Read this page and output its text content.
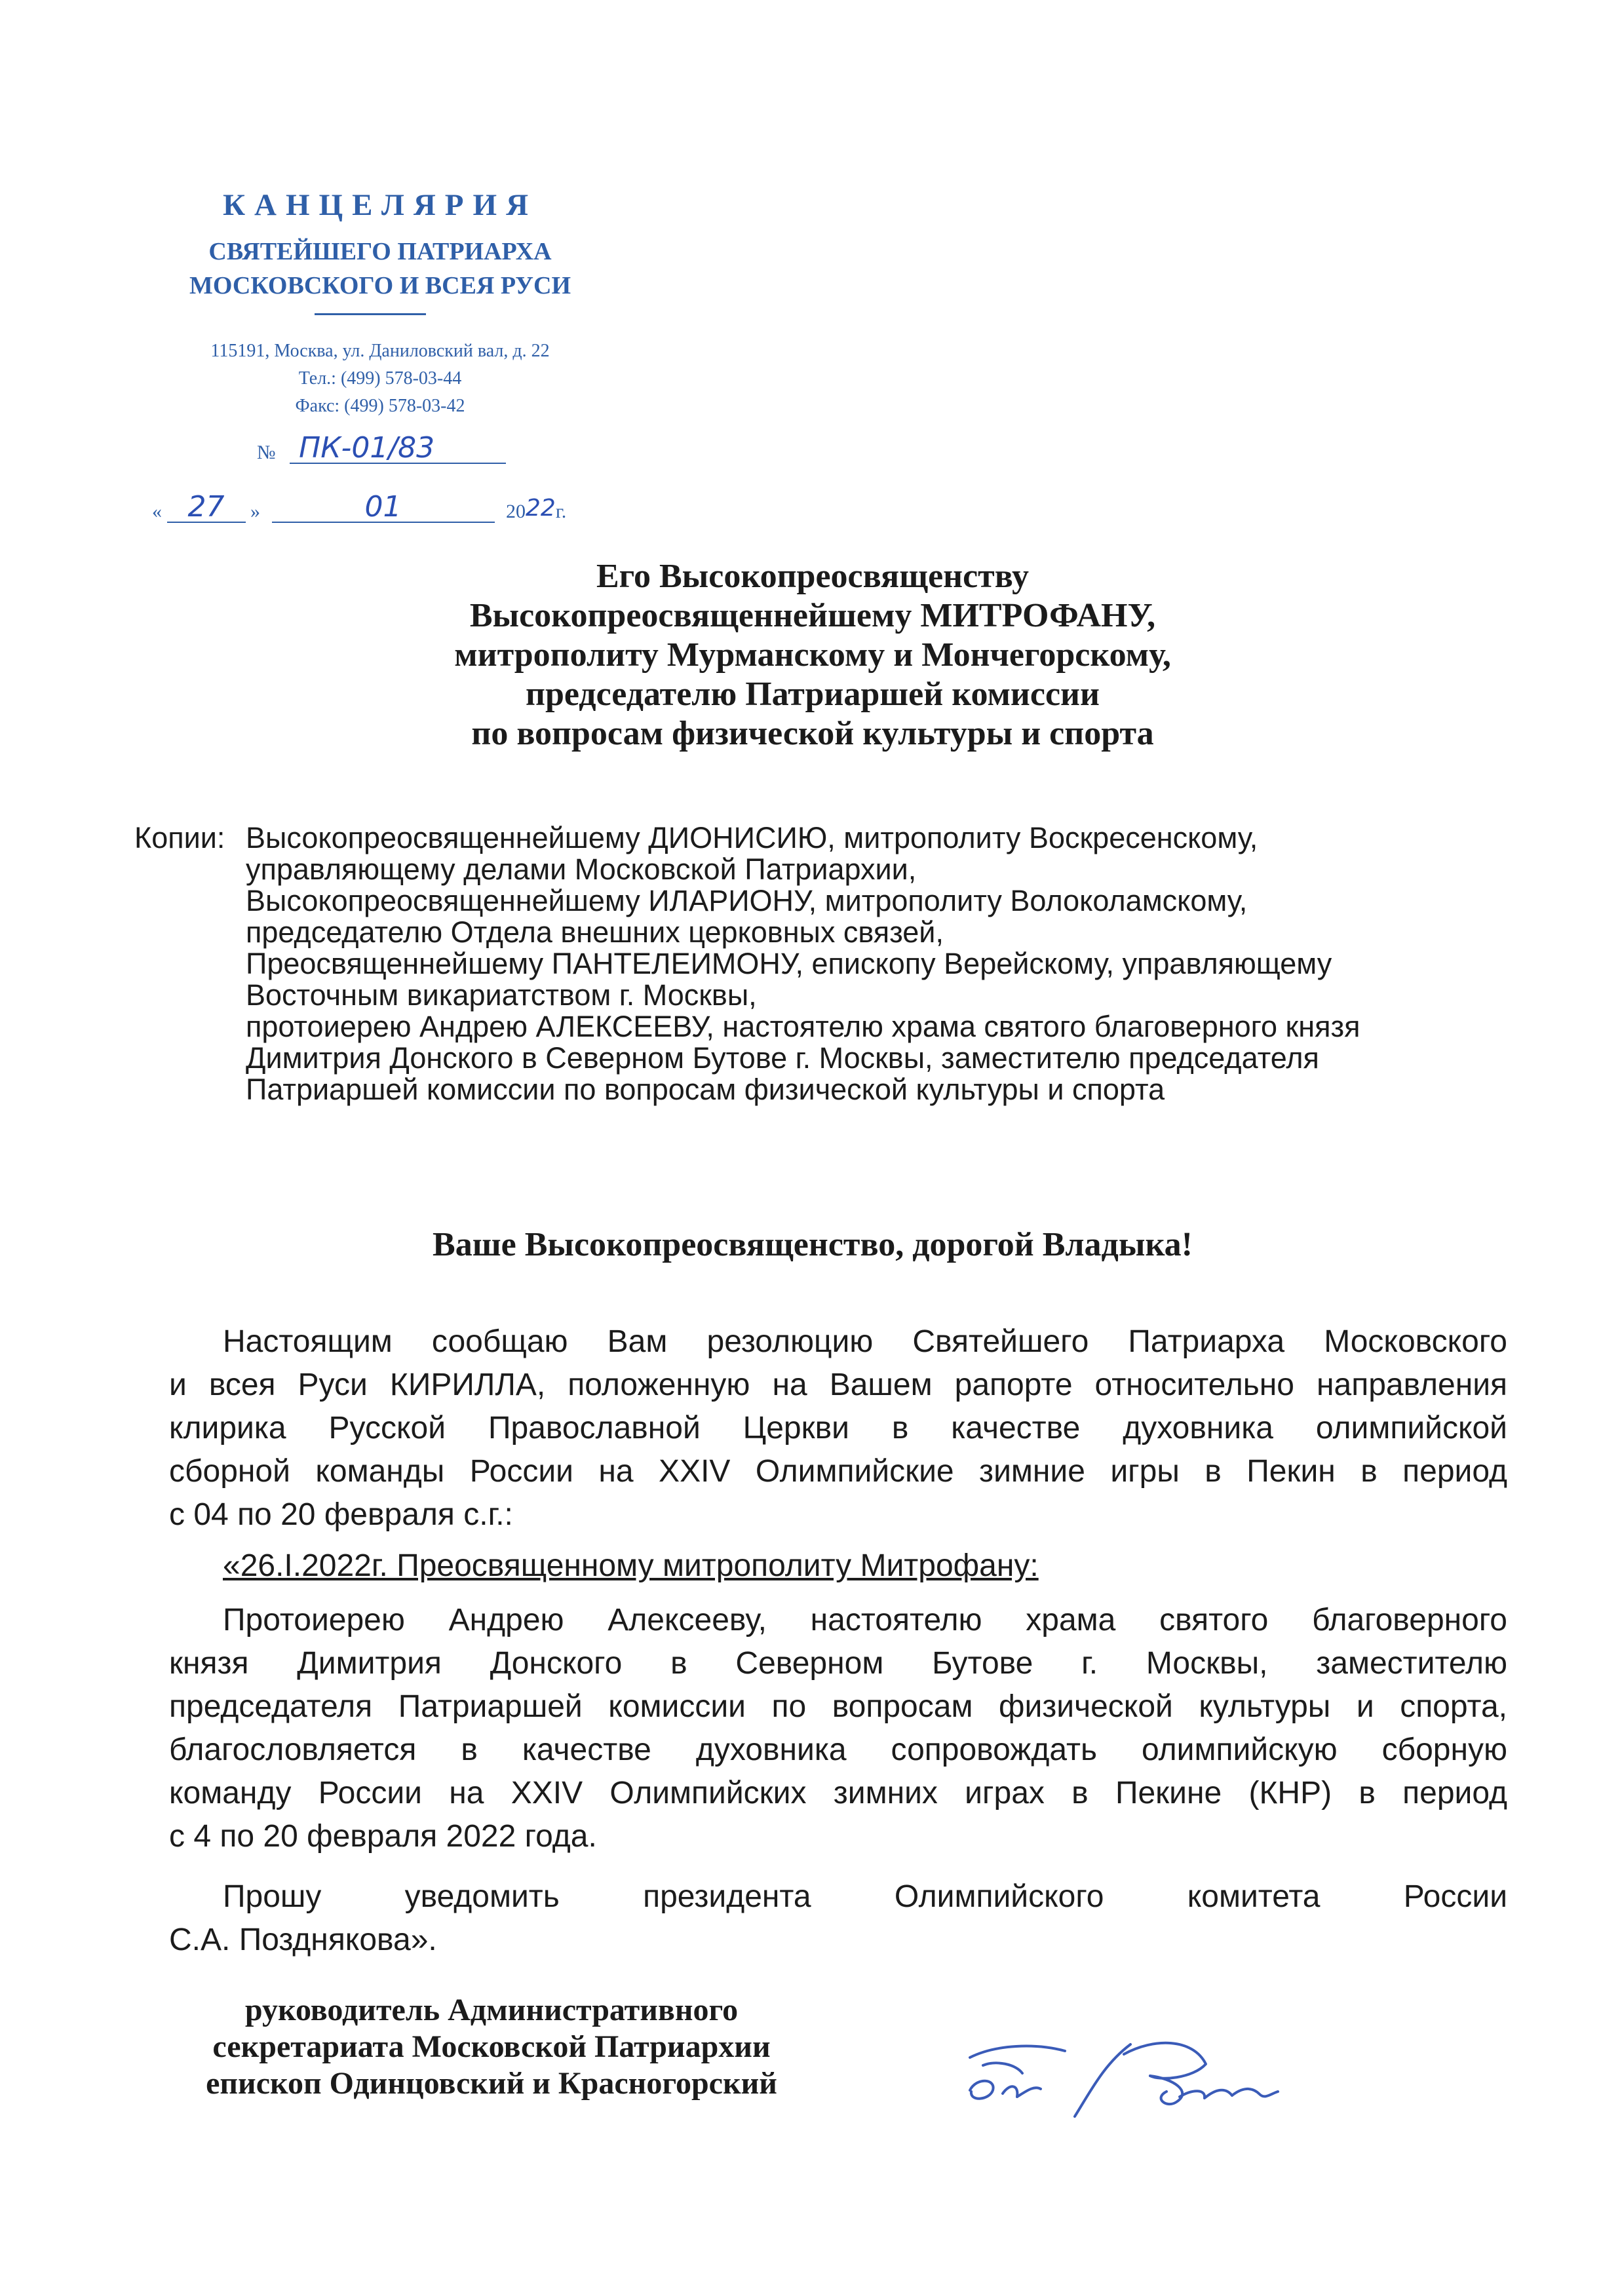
КАНЦЕЛЯРИЯ
СВЯТЕЙШЕГО ПАТРИАРХА
МОСКОВСКОГО И ВСЕЯ РУСИ
115191, Москва, ул. Даниловский вал, д. 22
Тел.: (499) 578-03-44
Факс: (499) 578-03-42
№ ПК-01/83
« 27 »	01	2022г.
Его Высокопреосвященству
Высокопреосвященнейшему МИТРОФАНУ,
митрополиту Мурманскому и Мончегорскому,
председателю Патриаршей комиссии
по вопросам физической культуры и спорта
Копии: Высокопреосвященнейшему ДИОНИСИЮ, митрополиту Воскресенскому,
управляющему делами Московской Патриархии,
Высокопреосвященнейшему ИЛАРИОНУ, митрополиту Волоколамскому,
председателю Отдела внешних церковных связей,
Преосвященнейшему ПАНТЕЛЕИМОНУ, епископу Верейскому, управляющему
Восточным викариатством г. Москвы,
протоиерею Андрею АЛЕКСЕЕВУ, настоятелю храма святого благоверного князя
Димитрия Донского в Северном Бутове г. Москвы, заместителю председателя
Патриаршей комиссии по вопросам физической культуры и спорта
Ваше Высокопреосвященство, дорогой Владыка!
Настоящим сообщаю Вам резолюцию Святейшего Патриарха Московского
и всея Руси КИРИЛЛА, положенную на Вашем рапорте относительно направления
клирика Русской Православной Церкви в качестве духовника олимпийской
сборной команды России на XXIV Олимпийские зимние игры в Пекин в период
с 04 по 20 февраля с.г.:
«26.I.2022г. Преосвященному митрополиту Митрофану:
Протоиерею Андрею Алексееву, настоятелю храма святого благоверного
князя Димитрия Донского в Северном Бутове г. Москвы, заместителю
председателя Патриаршей комиссии по вопросам физической культуры и спорта,
благословляется в качестве духовника сопровождать олимпийскую сборную
команду России на XXIV Олимпийских зимних играх в Пекине (КНР) в период
с 4 по 20 февраля 2022 года.
Прошу уведомить президента Олимпийского комитета России
С.А. Позднякова».
руководитель Административного
секретариата Московской Патриархии
епископ Одинцовский и Красногорский
